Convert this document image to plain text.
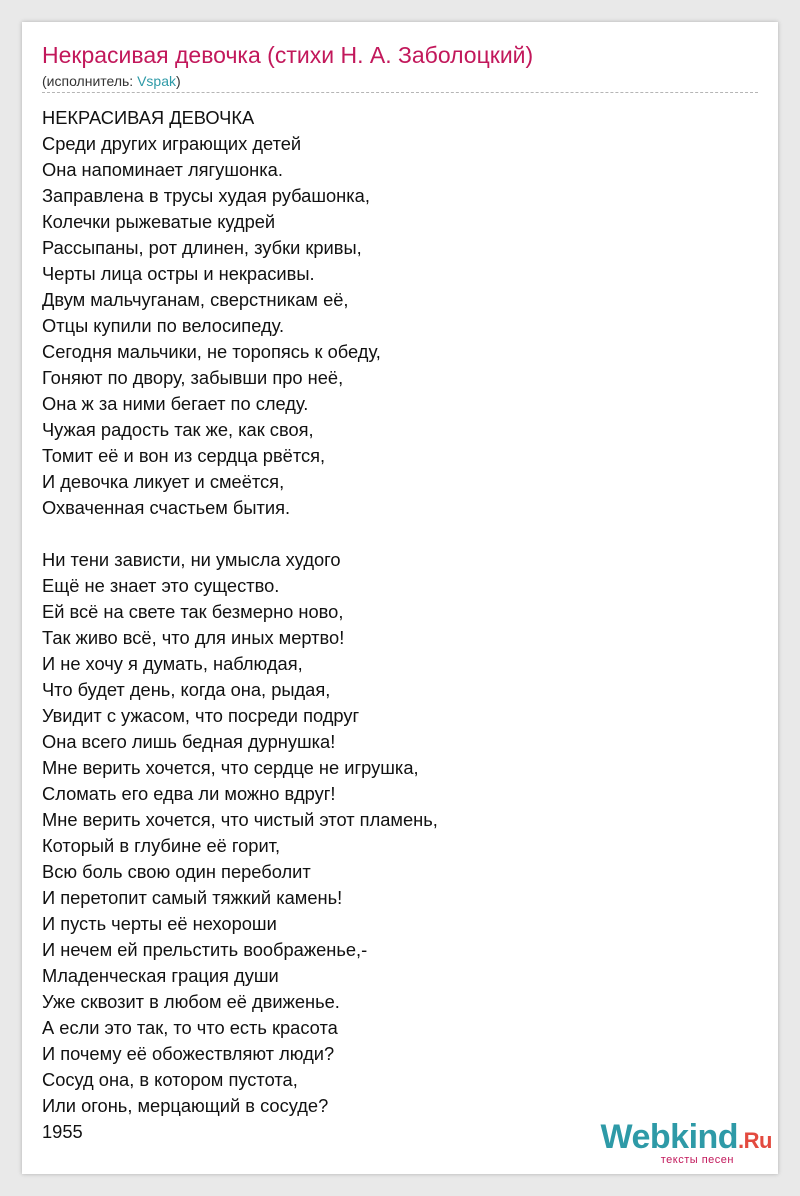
Некрасивая девочка (стихи Н. А. Заболоцкий)
(исполнитель: Vspak)
НЕКРАСИВАЯ ДЕВОЧКА
Среди других играющих детей
Она напоминает лягушонка.
Заправлена в трусы худая рубашонка,
Колечки рыжеватые кудрей
Рассыпаны, рот длинен, зубки кривы,
Черты лица остры и некрасивы.
Двум мальчуганам, сверстникам её,
Отцы купили по велосипеду.
Сегодня мальчики, не торопясь к обеду,
Гоняют по двору, забывши про неё,
Она ж за ними бегает по следу.
Чужая радость так же, как своя,
Томит её и вон из сердца рвётся,
И девочка ликует и смеётся,
Охваченная счастьем бытия.
Ни тени зависти, ни умысла худого
Ещё не знает это существо.
Ей всё на свете так безмерно ново,
Так живо всё, что для иных мертво!
И не хочу я думать, наблюдая,
Что будет день, когда она, рыдая,
Увидит с ужасом, что посреди подруг
Она всего лишь бедная дурнушка!
Мне верить хочется, что сердце не игрушка,
Сломать его едва ли можно вдруг!
Мне верить хочется, что чистый этот пламень,
Который в глубине её горит,
Всю боль свою один переболит
И перетопит самый тяжкий камень!
И пусть черты её нехороши
И нечем ей прельстить воображенье,-
Младенческая грация души
Уже сквозит в любом её движенье.
А если это так, то что есть красота
И почему её обожествляют люди?
Сосуд она, в котором пустота,
Или огонь, мерцающий в сосуде?
1955	Webkind.Ru
тексты песен
